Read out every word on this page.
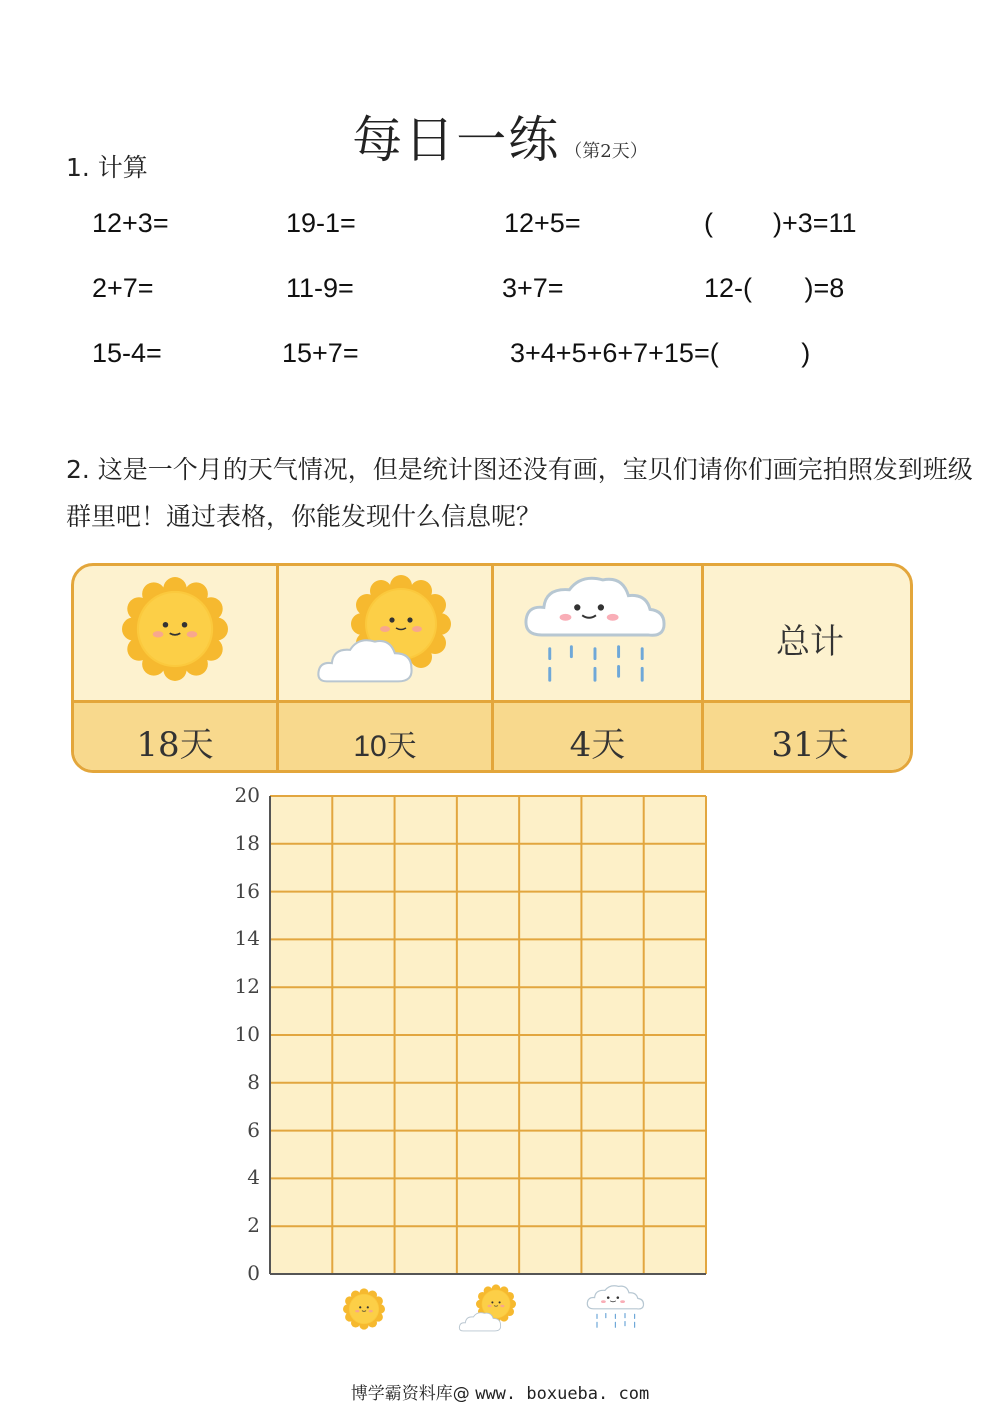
每日一练 （第2天）
1. 计算
12+3=	19-1=	12+5=	(        )+3=11
2+7=	11-9=	3+7=	12-(       )=8
15-4=	15+7=	3+4+5+6+7+15=(           )
2. 这是一个月的天气情况，但是统计图还没有画，宝贝们请你们画完拍照发到班级群里吧！通过表格，你能发现什么信息呢？
总计
18天	10天	4天	31天
0
2
4
6
8
10
12
14
16
18
20
博学霸资料库@ www. boxueba. com
